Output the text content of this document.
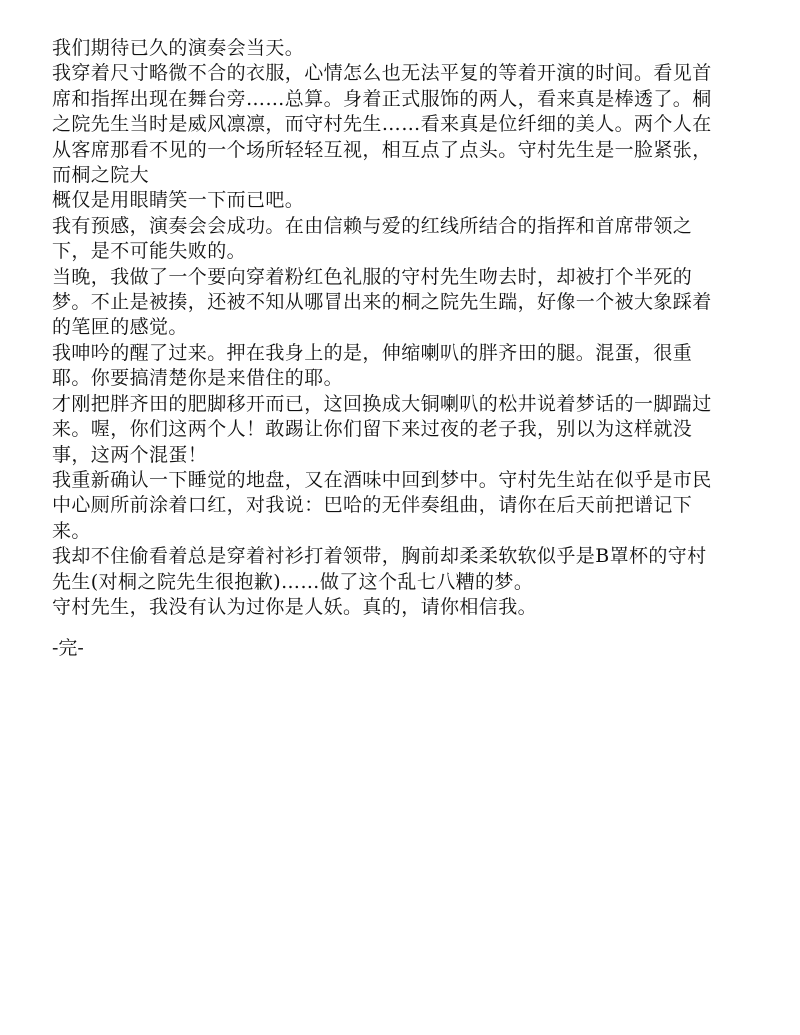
我们期待已久的演奏会当天。
我穿着尺寸略微不合的衣服，心情怎么也无法平复的等着开演的时间。看见首
席和指挥出现在舞台旁……总算。身着正式服饰的两人，看来真是棒透了。桐
之院先生当时是威风凛凛，而守村先生……看来真是位纤细的美人。两个人在
从客席那看不见的一个场所轻轻互视，相互点了点头。守村先生是一脸紧张，
而桐之院大
概仅是用眼睛笑一下而已吧。
我有预感，演奏会会成功。在由信赖与爱的红线所结合的指挥和首席带领之
下，是不可能失败的。
当晚，我做了一个要向穿着粉红色礼服的守村先生吻去时，却被打个半死的
梦。不止是被揍，还被不知从哪冒出来的桐之院先生踹，好像一个被大象踩着
的笔匣的感觉。
我呻吟的醒了过来。押在我身上的是，伸缩喇叭的胖齐田的腿。混蛋，很重
耶。你要搞清楚你是来借住的耶。
才刚把胖齐田的肥脚移开而已，这回换成大铜喇叭的松井说着梦话的一脚踹过
来。喔，你们这两个人！敢踢让你们留下来过夜的老子我，别以为这样就没
事，这两个混蛋！
我重新确认一下睡觉的地盘，又在酒味中回到梦中。守村先生站在似乎是市民
中心厕所前涂着口红，对我说：巴哈的无伴奏组曲，请你在后天前把谱记下
来。
我却不住偷看着总是穿着衬衫打着领带，胸前却柔柔软软似乎是B罩杯的守村
先生(对桐之院先生很抱歉)……做了这个乱七八糟的梦。
守村先生，我没有认为过你是人妖。真的，请你相信我。
-完-
